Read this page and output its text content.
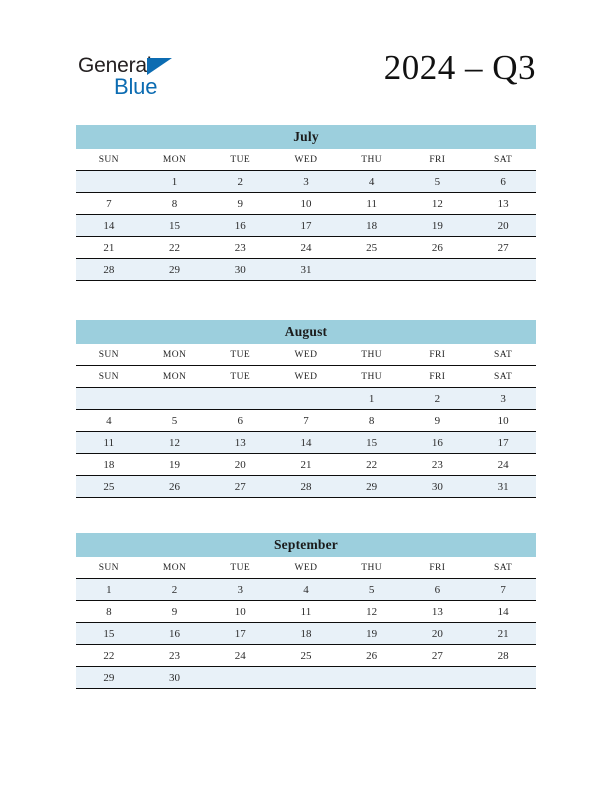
General
Blue	2024 – Q3
July
SUN	MON	TUE	WED	THU	FRI	SAT
	1	2	3	4	5	6
7	8	9	10	11	12	13
14	15	16	17	18	19	20
21	22	23	24	25	26	27
28	29	30	31			
August
SUN	MON	TUE	WED	THU	FRI	SAT
SUN	MON	TUE	WED	THU	FRI	SAT
				1	2	3
4	5	6	7	8	9	10
11	12	13	14	15	16	17
18	19	20	21	22	23	24
25	26	27	28	29	30	31
September
SUN	MON	TUE	WED	THU	FRI	SAT
1	2	3	4	5	6	7
8	9	10	11	12	13	14
15	16	17	18	19	20	21
22	23	24	25	26	27	28
29	30					
